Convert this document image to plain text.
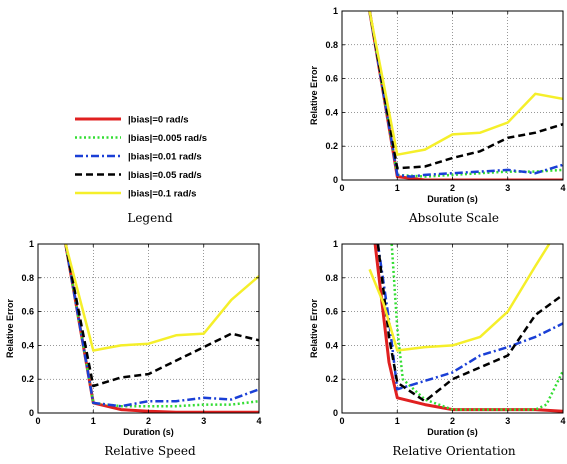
|bias|=0 rad/s
|bias|=0.005 rad/s
|bias|=0.01 rad/s
|bias|=0.05 rad/s
|bias|=0.1 rad/s
Legend
0	1	2	3	4
0
0.2
0.4
0.6
0.8
1
Duration (s)
Relative Error
0	1	2	3	4
0
0.2
0.4
0.6
0.8
1
Duration (s)
Relative Error
0	1	2	3	4
0
0.2
0.4
0.6
0.8
1
Duration (s)
Relative Error
Absolute Scale
Relative Speed	Relative Orientation
